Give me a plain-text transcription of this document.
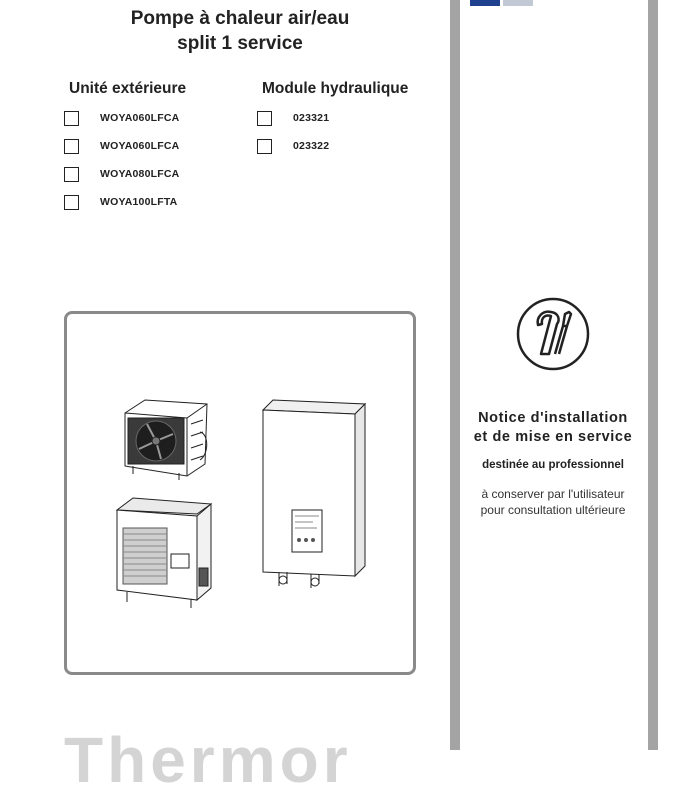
Pompe à chaleur air/eau
split 1 service
Unité extérieure	Module hydraulique
WOYA060LFCA
WOYA060LFCA
WOYA080LFCA
WOYA100LFTA
023321
023322
Notice d'installation
et de mise en service
destinée au professionnel
à conserver par l'utilisateur
pour consultation ultérieure
Thermor
